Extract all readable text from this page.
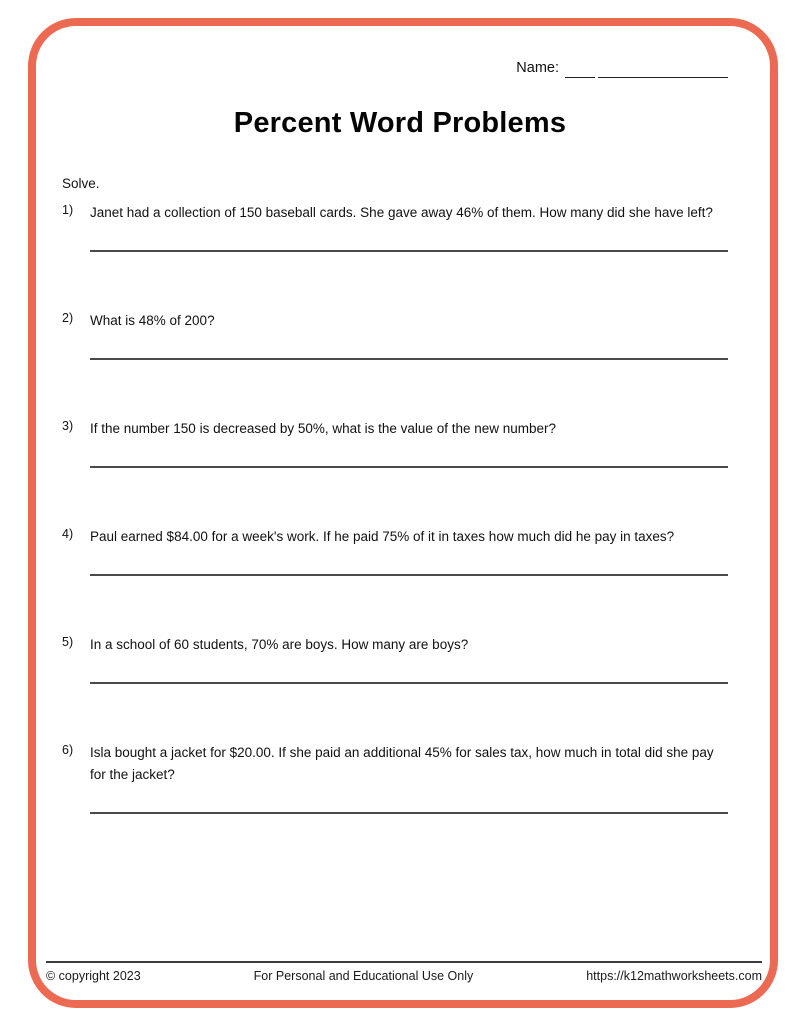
Name:
Percent Word Problems
Solve.
1)	Janet had a collection of 150 baseball cards. She gave away 46% of them. How many did she have left?
2)	What is 48% of 200?
3)	If the number 150 is decreased by 50%, what is the value of the new number?
4)	Paul earned $84.00 for a week's work. If he paid 75% of it in taxes how much did he pay in taxes?
5)	In a school of 60 students, 70% are boys. How many are boys?
6)	Isla bought a jacket for $20.00. If she paid an additional 45% for sales tax, how much in total did she pay for the jacket?
© copyright 2023	For Personal and Educational Use Only	https://k12mathworksheets.com
